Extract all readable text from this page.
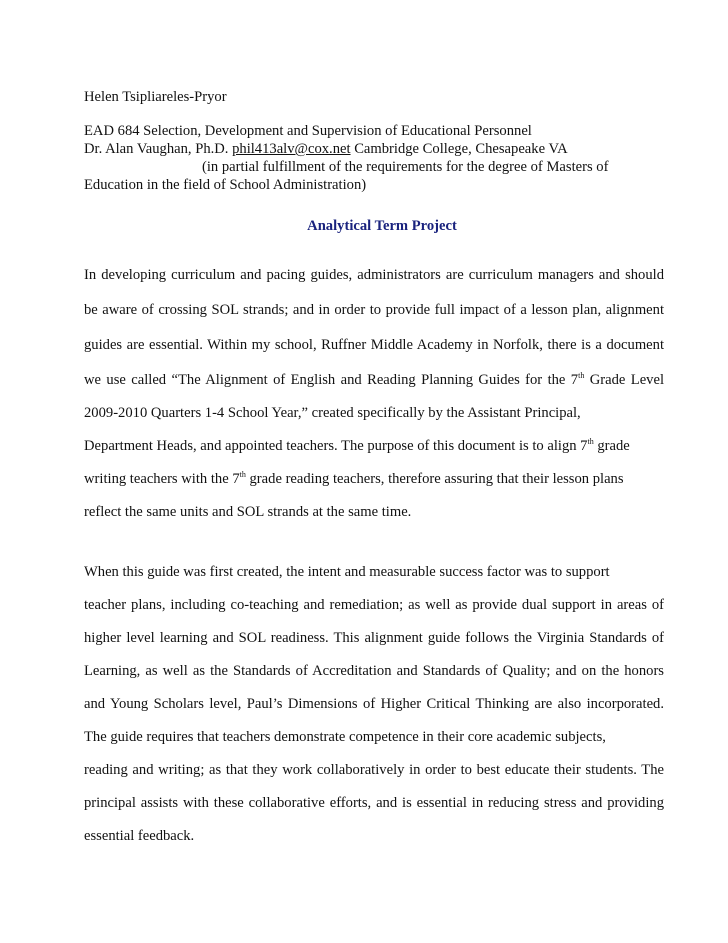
Helen Tsipliareles-Pryor
EAD 684 Selection, Development and Supervision of Educational Personnel
Dr. Alan Vaughan, Ph.D. phil413alv@cox.net Cambridge College, Chesapeake VA
(in partial fulfillment of the requirements for the degree of Masters of
Education in the field of School Administration)
Analytical Term Project
In developing curriculum and pacing guides, administrators are curriculum managers and should
be aware of crossing SOL strands; and in order to provide full impact of a lesson plan, alignment
guides are essential. Within my school, Ruffner Middle Academy in Norfolk, there is a document
we use called “The Alignment of English and Reading Planning Guides for the 7th Grade Level
2009-2010 Quarters 1-4 School Year,” created specifically by the Assistant Principal,
Department Heads, and appointed teachers. The purpose of this document is to align 7th grade
writing teachers with the 7th grade reading teachers, therefore assuring that their lesson plans
reflect the same units and SOL strands at the same time.
When this guide was first created, the intent and measurable success factor was to support
teacher plans, including co-teaching and remediation; as well as provide dual support in areas of
higher level learning and SOL readiness. This alignment guide follows the Virginia Standards of
Learning, as well as the Standards of Accreditation and Standards of Quality; and on the honors
and Young Scholars level, Paul’s Dimensions of Higher Critical Thinking are also incorporated.
The guide requires that teachers demonstrate competence in their core academic subjects,
reading and writing; as that they work collaboratively in order to best educate their students. The
principal assists with these collaborative efforts, and is essential in reducing stress and providing
essential feedback.
